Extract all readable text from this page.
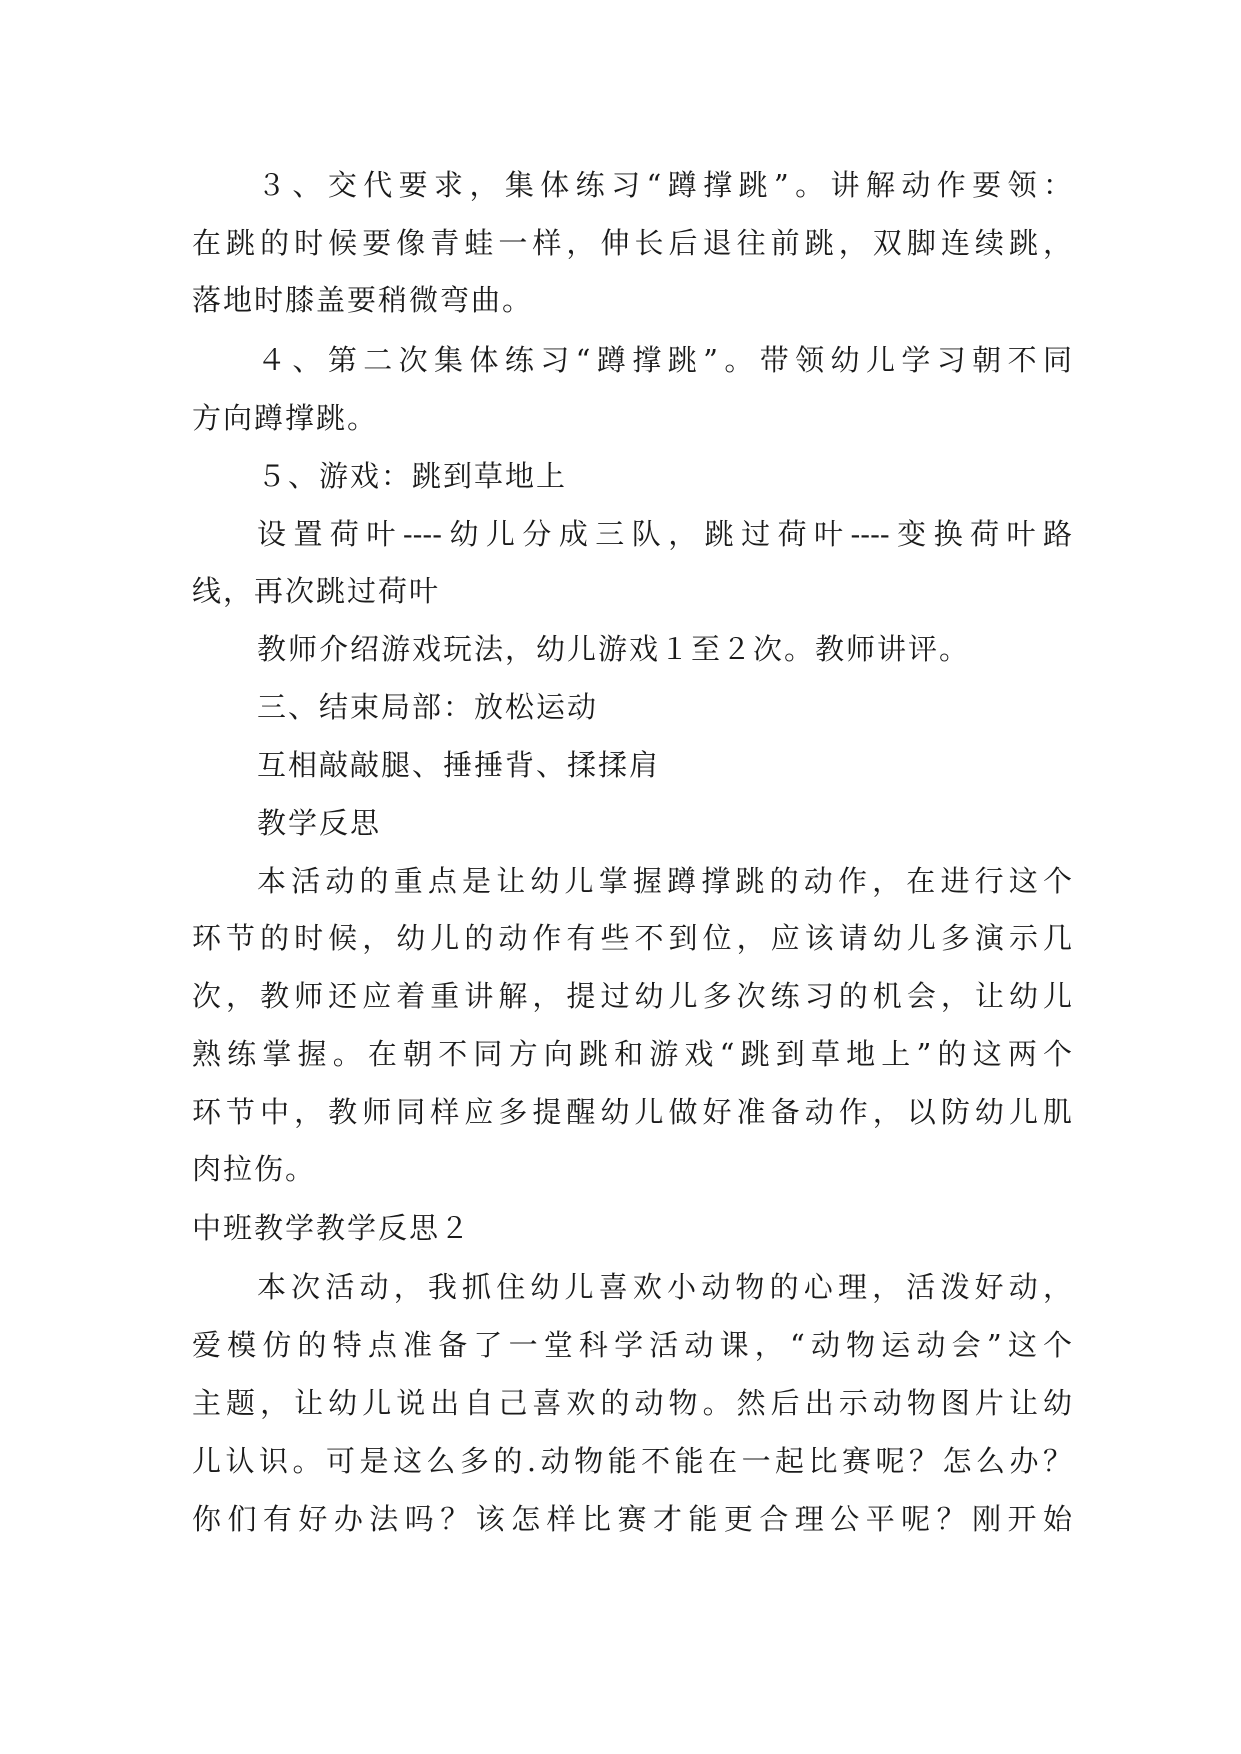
３、交代要求，集体练习“蹲撑跳”。讲解动作要领：
在跳的时候要像青蛙一样，伸长后退往前跳，双脚连续跳，
落地时膝盖要稍微弯曲。
４、第二次集体练习“蹲撑跳”。带领幼儿学习朝不同
方向蹲撑跳。
５、游戏：跳到草地上
设置荷叶----幼儿分成三队，跳过荷叶----变换荷叶路
线，再次跳过荷叶
教师介绍游戏玩法，幼儿游戏１至２次。教师讲评。
三、结束局部：放松运动
互相敲敲腿、捶捶背、揉揉肩
教学反思
本活动的重点是让幼儿掌握蹲撑跳的动作，在进行这个
环节的时候，幼儿的动作有些不到位，应该请幼儿多演示几
次，教师还应着重讲解，提过幼儿多次练习的机会，让幼儿
熟练掌握。在朝不同方向跳和游戏“跳到草地上”的这两个
环节中，教师同样应多提醒幼儿做好准备动作，以防幼儿肌
肉拉伤。
中班教学教学反思２
本次活动，我抓住幼儿喜欢小动物的心理，活泼好动，
爱模仿的特点准备了一堂科学活动课，“动物运动会”这个
主题，让幼儿说出自己喜欢的动物。然后出示动物图片让幼
儿认识。可是这么多的.动物能不能在一起比赛呢？怎么办？
你们有好办法吗？该怎样比赛才能更合理公平呢？刚开始
